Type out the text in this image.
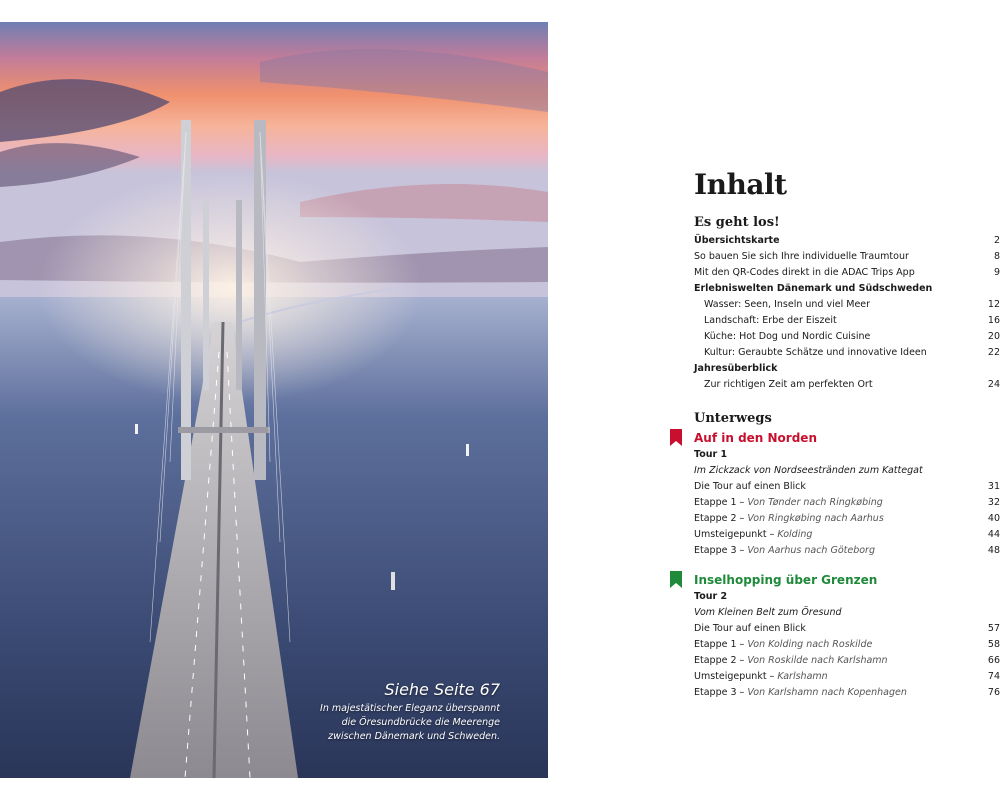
Siehe Seite 67
In majestätischer Eleganz überspannt
die Öresundbrücke die Meerenge
zwischen Dänemark und Schweden.
Inhalt
Es geht los!
Übersichtskarte	2
So bauen Sie sich Ihre individuelle Traumtour	8
Mit den QR-Codes direkt in die ADAC Trips App	9
Erlebniswelten Dänemark und Südschweden
Wasser: Seen, Inseln und viel Meer	12
Landschaft: Erbe der Eiszeit	16
Küche: Hot Dog und Nordic Cuisine	20
Kultur: Geraubte Schätze und innovative Ideen	22
Jahresüberblick
Zur richtigen Zeit am perfekten Ort	24
Unterwegs
Auf in den Norden
Tour 1
Im Zickzack von Nordseestränden zum Kattegat
Die Tour auf einen Blick	31
Etappe 1 – Von Tønder nach Ringkøbing	32
Etappe 2 – Von Ringkøbing nach Aarhus	40
Umsteigepunkt – Kolding	44
Etappe 3 – Von Aarhus nach Göteborg	48
Inselhopping über Grenzen
Tour 2
Vom Kleinen Belt zum Öresund
Die Tour auf einen Blick	57
Etappe 1 – Von Kolding nach Roskilde	58
Etappe 2 – Von Roskilde nach Karlshamn	66
Umsteigepunkt – Karlshamn	74
Etappe 3 – Von Karlshamn nach Kopenhagen	76
